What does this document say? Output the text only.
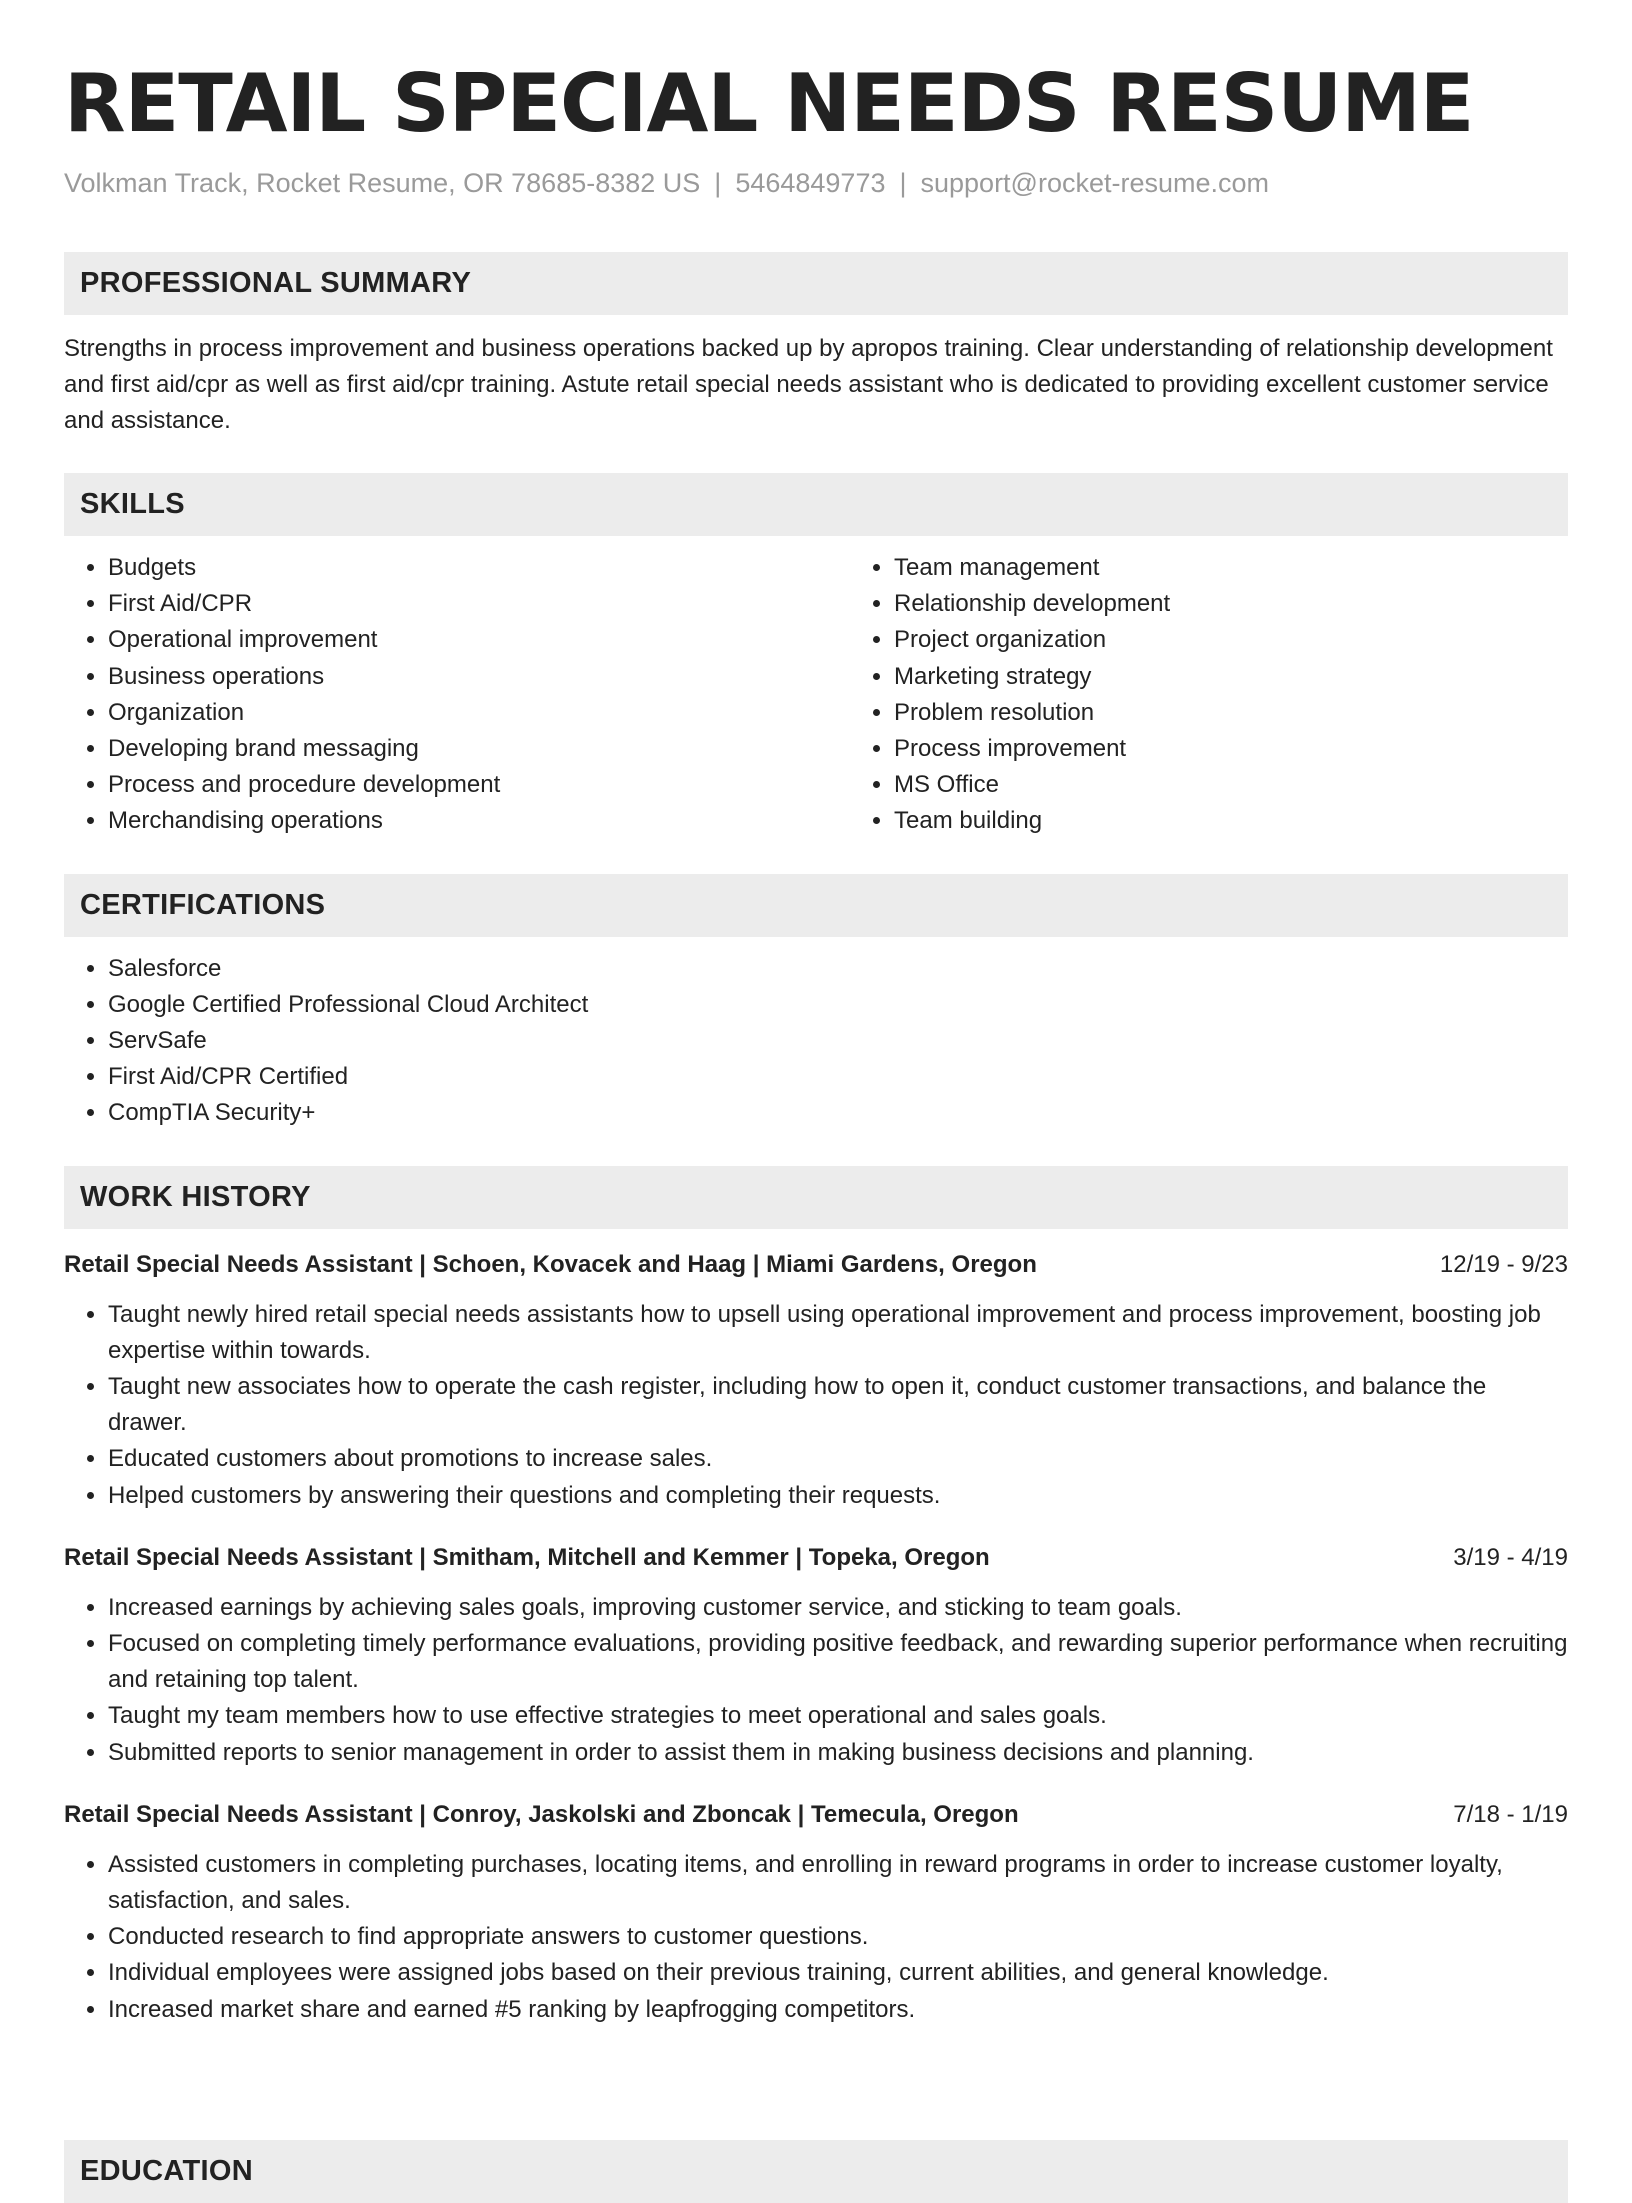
RETAIL SPECIAL NEEDS RESUME
Volkman Track, Rocket Resume, OR 78685-8382 US | 5464849773 | support@rocket-resume.com
PROFESSIONAL SUMMARY

Strengths in process improvement and business operations backed up by apropos training. Clear understanding of relationship development and first aid/cpr as well as first aid/cpr training. Astute retail special needs assistant who is dedicated to providing excellent customer service and assistance.

SKILLS
• Budgets
• First Aid/CPR
• Operational improvement
• Business operations
• Organization
• Developing brand messaging
• Process and procedure development
• Merchandising operations
• Team management
• Relationship development
• Project organization
• Marketing strategy
• Problem resolution
• Process improvement
• MS Office
• Team building
CERTIFICATIONS
• Salesforce
• Google Certified Professional Cloud Architect
• ServSafe
• First Aid/CPR Certified
• CompTIA Security+
WORK HISTORY
Retail Special Needs Assistant | Schoen, Kovacek and Haag | Miami Gardens, Oregon	12/19 - 9/23
• Taught newly hired retail special needs assistants how to upsell using operational improvement and process improvement, boosting job expertise within towards.
• Taught new associates how to operate the cash register, including how to open it, conduct customer transactions, and balance the drawer.
• Educated customers about promotions to increase sales.
• Helped customers by answering their questions and completing their requests.
Retail Special Needs Assistant | Smitham, Mitchell and Kemmer | Topeka, Oregon	3/19 - 4/19
• Increased earnings by achieving sales goals, improving customer service, and sticking to team goals.
• Focused on completing timely performance evaluations, providing positive feedback, and rewarding superior performance when recruiting and retaining top talent.
• Taught my team members how to use effective strategies to meet operational and sales goals.
• Submitted reports to senior management in order to assist them in making business decisions and planning.
Retail Special Needs Assistant | Conroy, Jaskolski and Zboncak | Temecula, Oregon	7/18 - 1/19
• Assisted customers in completing purchases, locating items, and enrolling in reward programs in order to increase customer loyalty, satisfaction, and sales.
• Conducted research to find appropriate answers to customer questions.
• Individual employees were assigned jobs based on their previous training, current abilities, and general knowledge.
• Increased market share and earned #5 ranking by leapfrogging competitors.
EDUCATION
